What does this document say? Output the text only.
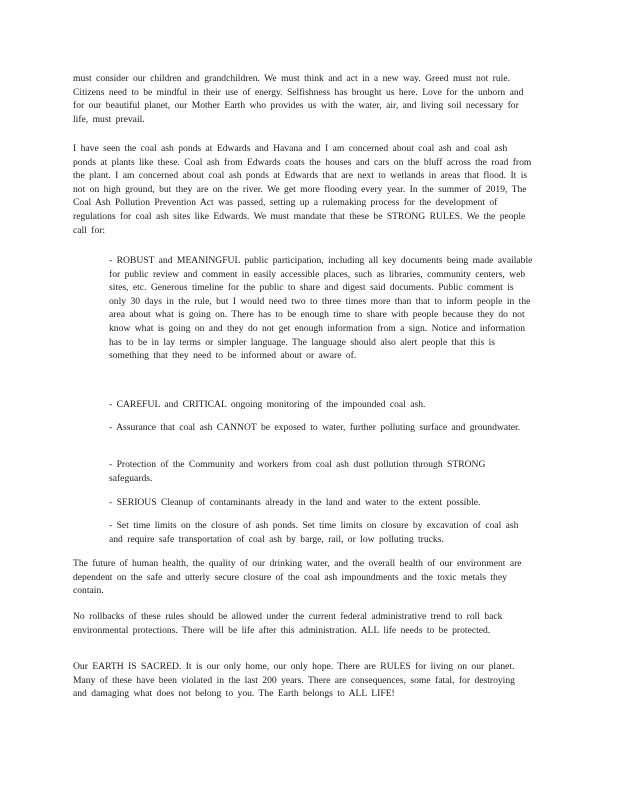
must consider our children and grandchildren. We must think and act in a new way. Greed must not rule. Citizens need to be mindful in their use of energy. Selfishness has brought us here. Love for the unborn and for our beautiful planet, our Mother Earth who provides us with the water, air, and living soil necessary for life, must prevail.

I have seen the coal ash ponds at Edwards and Havana and I am concerned about coal ash and coal ash ponds at plants like these. Coal ash from Edwards coats the houses and cars on the bluff across the road from the plant. I am concerned about coal ash ponds at Edwards that are next to wetlands in areas that flood. It is not on high ground, but they are on the river. We get more flooding every year. In the summer of 2019, The Coal Ash Pollution Prevention Act was passed, setting up a rulemaking process for the development of regulations for coal ash sites like Edwards. We must mandate that these be STRONG RULES. We the people call for:

- ROBUST and MEANINGFUL public participation, including all key documents being made available for public review and comment in easily accessible places, such as libraries, community centers, web sites, etc. Generous timeline for the public to share and digest said documents. Public comment is only 30 days in the rule, but I would need two to three times more than that to inform people in the area about what is going on. There has to be enough time to share with people because they do not know what is going on and they do not get enough information from a sign. Notice and information has to be in lay terms or simpler language. The language should also alert people that this is something that they need to be informed about or aware of.

- CAREFUL and CRITICAL ongoing monitoring of the impounded coal ash.

- Assurance that coal ash CANNOT be exposed to water, further polluting surface and groundwater.

- Protection of the Community and workers from coal ash dust pollution through STRONG safeguards.

- SERIOUS Cleanup of contaminants already in the land and water to the extent possible.

- Set time limits on the closure of ash ponds. Set time limits on closure by excavation of coal ash and require safe transportation of coal ash by barge, rail, or low polluting trucks.

The future of human health, the quality of our drinking water, and the overall health of our environment are dependent on the safe and utterly secure closure of the coal ash impoundments and the toxic metals they contain.

No rollbacks of these rules should be allowed under the current federal administrative trend to roll back environmental protections. There will be life after this administration. ALL life needs to be protected.

Our EARTH IS SACRED. It is our only home, our only hope. There are RULES for living on our planet. Many of these have been violated in the last 200 years. There are consequences, some fatal, for destroying and damaging what does not belong to you. The Earth belongs to ALL LIFE!
